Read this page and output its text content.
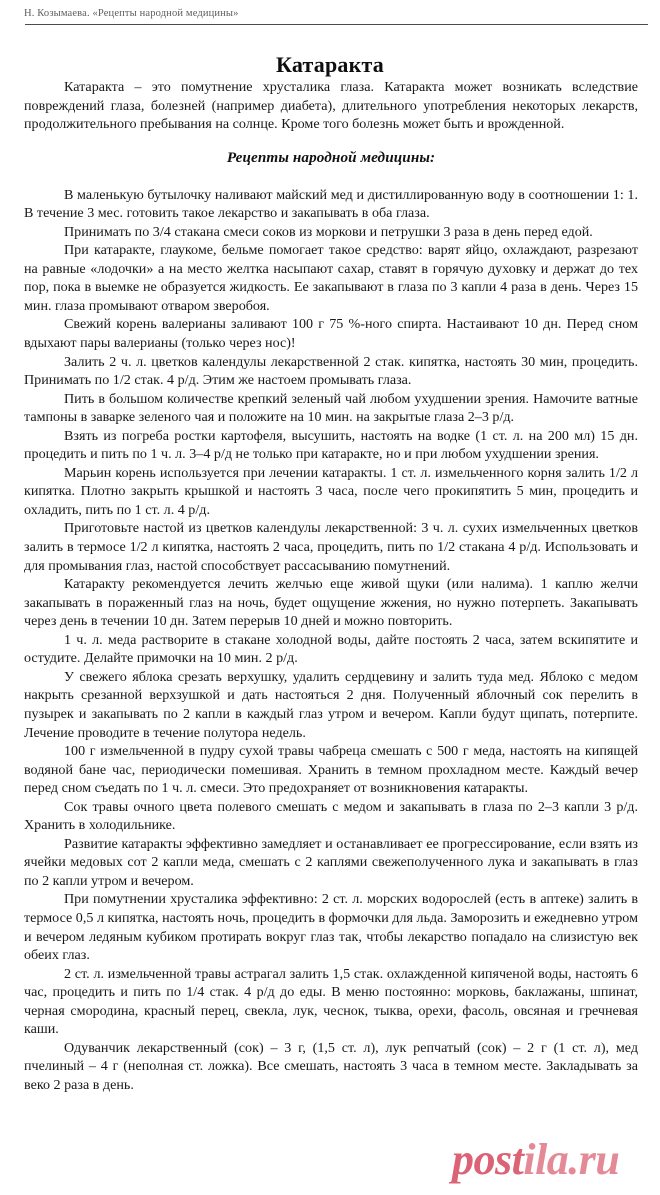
Н. Козымаева. «Рецепты народной медицины»
Катаракта

Катаракта – это помутнение хрусталика глаза. Катаракта может возникать вследствие повреждений глаза, болезней (например диабета), длительного употребления некоторых лекарств, продолжительного пребывания на солнце. Кроме того болезнь может быть и врожденной.

Рецепты народной медицины:

В маленькую бутылочку наливают майский мед и дистиллированную воду в соотношении 1: 1. В течение 3 мес. готовить такое лекарство и закапывать в оба глаза.

Принимать по 3/4 стакана смеси соков из моркови и петрушки 3 раза в день перед едой.

При катаракте, глаукоме, бельме помогает такое средство: варят яйцо, охлаждают, разрезают на равные «лодочки» а на место желтка насыпают сахар, ставят в горячую духовку и держат до тех пор, пока в выемке не образуется жидкость. Ее закапывают в глаза по 3 капли 4 раза в день. Через 15 мин. глаза промывают отваром зверобоя.

Свежий корень валерианы заливают 100 г 75 %-ного спирта. Настаивают 10 дн. Перед сном вдыхают пары валерианы (только через нос)!

Залить 2 ч. л. цветков календулы лекарственной 2 стак. кипятка, настоять 30 мин, процедить. Принимать по 1/2 стак. 4 р/д. Этим же настоем промывать глаза.

Пить в большом количестве крепкий зеленый чай любом ухудшении зрения. Намочите ватные тампоны в заварке зеленого чая и положите на 10 мин. на закрытые глаза 2–3 р/д.

Взять из погреба ростки картофеля, высушить, настоять на водке (1 ст. л. на 200 мл) 15 дн. процедить и пить по 1 ч. л. 3–4 р/д не только при катаракте, но и при любом ухудшении зрения.

Марьин корень используется при лечении катаракты. 1 ст. л. измельченного корня залить 1/2 л кипятка. Плотно закрыть крышкой и настоять 3 часа, после чего прокипятить 5 мин, процедить и охладить, пить по 1 ст. л. 4 р/д.

Приготовьте настой из цветков календулы лекарственной: 3 ч. л. сухих измельченных цветков залить в термосе 1/2 л кипятка, настоять 2 часа, процедить, пить по 1/2 стакана 4 р/д. Использовать и для промывания глаз, настой способствует рассасыванию помутнений.

Катаракту рекомендуется лечить желчью еще живой щуки (или налима). 1 каплю желчи закапывать в пораженный глаз на ночь, будет ощущение жжения, но нужно потерпеть. Закапывать через день в течении 10 дн. Затем перерыв 10 дней и можно повторить.

1 ч. л. меда растворите в стакане холодной воды, дайте постоять 2 часа, затем вскипятите и остудите. Делайте примочки на 10 мин. 2 р/д.

У свежего яблока срезать верхушку, удалить сердцевину и залить туда мед. Яблоко с медом накрыть срезанной верхзушкой и дать настояться 2 дня. Полученный яблочный сок перелить в пузырек и закапывать по 2 капли в каждый глаз утром и вечером. Капли будут щипать, потерпите. Лечение проводите в течение полутора недель.

100 г измельченной в пудру сухой травы чабреца смешать с 500 г меда, настоять на кипящей водяной бане час, периодически помешивая. Хранить в темном прохладном месте. Каждый вечер перед сном съедать по 1 ч. л. смеси. Это предохраняет от возникновения катаракты.

Сок травы очного цвета полевого смешать с медом и закапывать в глаза по 2–3 капли 3 р/д. Хранить в холодильнике.

Развитие катаракты эффективно замедляет и останавливает ее прогрессирование, если взять из ячейки медовых сот 2 капли меда, смешать с 2 каплями свежеполученного лука и закапывать в глаз по 2 капли утром и вечером.

При помутнении хрусталика эффективно: 2 ст. л. морских водорослей (есть в аптеке) залить в термосе 0,5 л кипятка, настоять ночь, процедить в формочки для льда. Заморозить и ежедневно утром и вечером ледяным кубиком протирать вокруг глаз так, чтобы лекарство попадало на слизистую век обеих глаз.

2 ст. л. измельченной травы астрагал залить 1,5 стак. охлажденной кипяченой воды, настоять 6 час, процедить и пить по 1/4 стак. 4 р/д до еды. В меню постоянно: морковь, баклажаны, шпинат, черная смородина, красный перец, свекла, лук, чеснок, тыква, орехи, фасоль, овсяная и гречневая каши.

Одуванчик лекарственный (сок) – 3 г, (1,5 ст. л), лук репчатый (сок) – 2 г (1 ст. л), мед пчелиный – 4 г (неполная ст. ложка). Все смешать, настоять 3 часа в темном месте. Закладывать за веко 2 раза в день.

postila.ru
